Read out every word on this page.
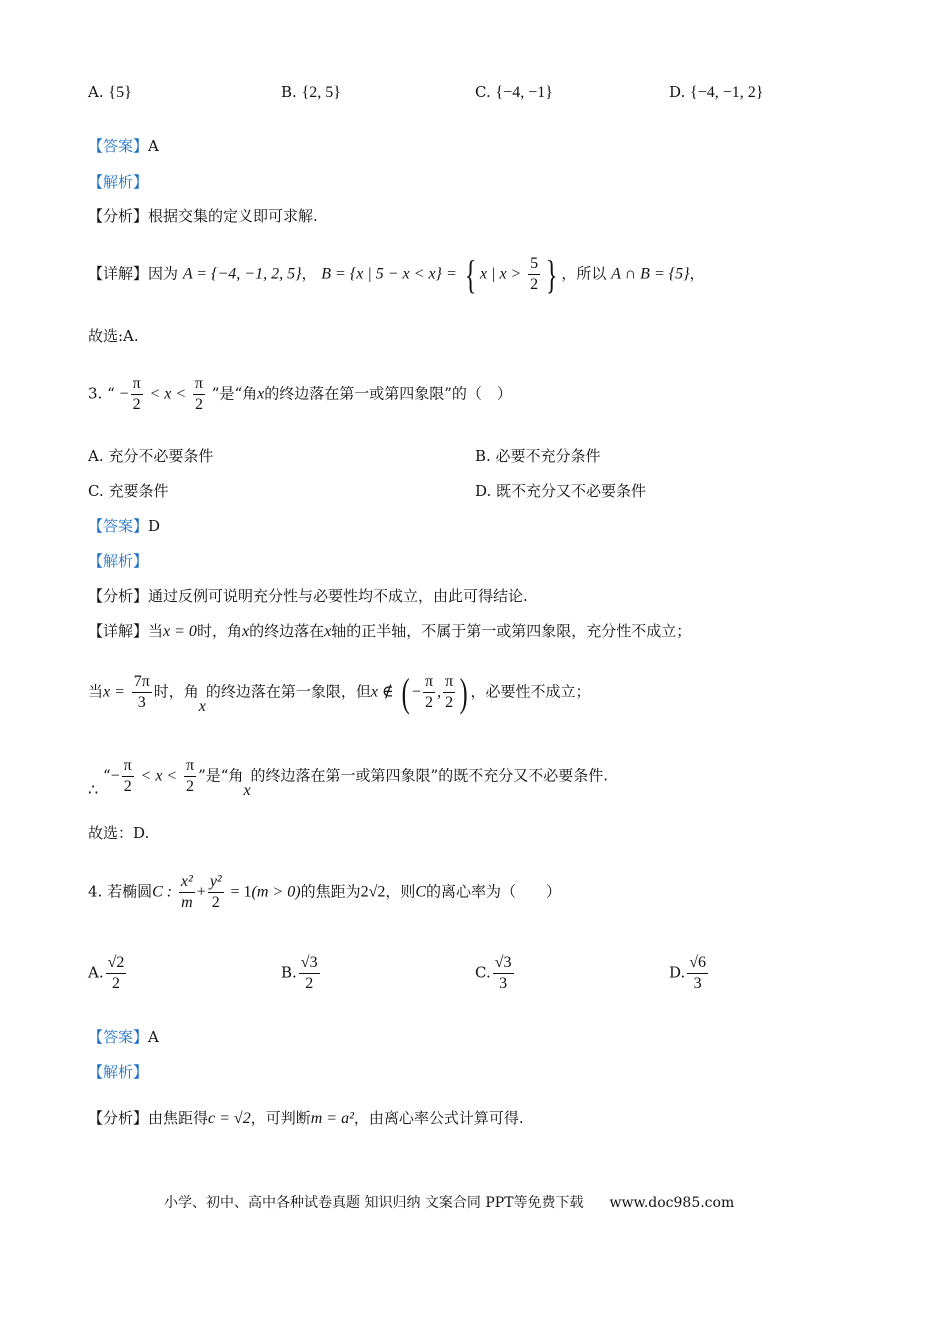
A. {5}	B. {2, 5}	C. {−4, −1}	D. {−4, −1, 2}
【答案】A
【解析】
【分析】根据交集的定义即可求解.
【详解】因为 A = {−4, −1, 2, 5}， B = {x | 5 − x < x} = { x | $x > \frac{5}{2}$ } ，所以 A ∩ B = {5}，
故选:A.
3. “ − $\frac{\pi}{2} < x < \frac{\pi}{2}$ ”是“角x的终边落在第一或第四象限”的（　）
A. 充分不必要条件	B. 必要不充分条件
C. 充要条件	D. 既不充分又不必要条件
【答案】D
【解析】
【分析】通过反例可说明充分性与必要性均不成立，由此可得结论.
【详解】当x = 0时，角x的终边落在x轴的正半轴，不属于第一或第四象限，充分性不成立；
当$x = \frac{7\pi}{3}$ 时，角x的终边落在第一象限，但x ∉ ( − $\frac{\pi}{2}$ , $\frac{\pi}{2}$ ) ，必要性不成立；
∴ “− $\frac{\pi}{2} < x < \frac{\pi}{2}$ ”是“角x的终边落在第一或第四象限”的既不充分又不必要条件.
故选：D.
4. 若椭圆C : $\frac{\text{x²}}{m} + \frac{\text{y²}}{2} = 1(m > 0)$的焦距为2√2，则C的离心率为（　　）
A. $\frac{√2}{2}$	B. $\frac{√3}{2}$	C. $\frac{√3}{3}$	D. $\frac{√6}{3}$
【答案】A
【解析】
【分析】由焦距得c = √2，可判断m = a²，由离心率公式计算可得.
小学、初中、高中各种试卷真题 知识归纳 文案合同 PPT等免费下载 www.doc985.com
